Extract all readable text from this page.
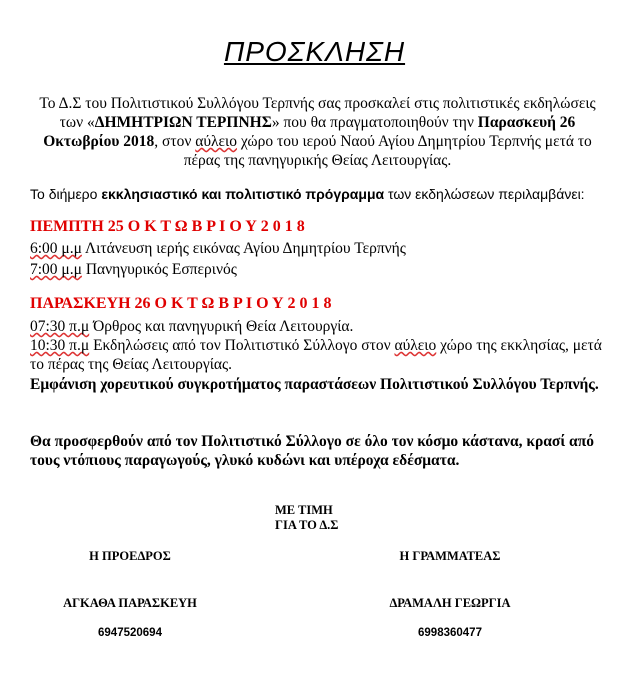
ΠΡΟΣΚΛΗΣΗ
Το Δ.Σ του Πολιτιστικού Συλλόγου Τερπνής σας προσκαλεί στις πολιτιστικές εκδηλώσεις των «ΔΗΜΗΤΡΙΩΝ ΤΕΡΠΝΗΣ» που θα πραγματοποιηθούν την Παρασκευή 26 Οκτωβρίου 2018, στον αύλειο χώρο του ιερού Ναού Αγίου Δημητρίου Τερπνής μετά το πέρας της πανηγυρικής Θείας Λειτουργίας.
Το διήμερο εκκλησιαστικό και πολιτιστικό πρόγραμμα των εκδηλώσεων περιλαμβάνει:
ΠΕΜΠΤΗ 25 Ο Κ Τ Ω Β Ρ Ι Ο Υ 2 0 1 8
6:00 μ.μ Λιτάνευση ιερής εικόνας Αγίου Δημητρίου Τερπνής
7:00 μ.μ Πανηγυρικός Εσπερινός
ΠΑΡΑΣΚΕΥΗ 26 Ο Κ Τ Ω Β Ρ Ι Ο Υ 2 0 1 8
07:30 π.μ Όρθρος και πανηγυρική Θεία Λειτουργία.
10:30 π.μ Εκδηλώσεις από τον Πολιτιστικό Σύλλογο στον αύλειο χώρο της εκκλησίας, μετά το πέρας της Θείας Λειτουργίας.
Εμφάνιση χορευτικού συγκροτήματος παραστάσεων Πολιτιστικού Συλλόγου Τερπνής.
Θα προσφερθούν από τον Πολιτιστικό Σύλλογο σε όλο τον κόσμο κάστανα, κρασί από τους ντόπιους παραγωγούς, γλυκό κυδώνι και υπέροχα εδέσματα.
ΜΕ ΤΙΜΗ
ΓΙΑ ΤΟ Δ.Σ
Η ΠΡΟΕΔΡΟΣ	Η ΓΡΑΜΜΑΤΕΑΣ
ΑΓΚΑΘΑ ΠΑΡΑΣΚΕΥΗ	ΔΡΑΜΑΛΗ ΓΕΩΡΓΙΑ
6947520694	6998360477
